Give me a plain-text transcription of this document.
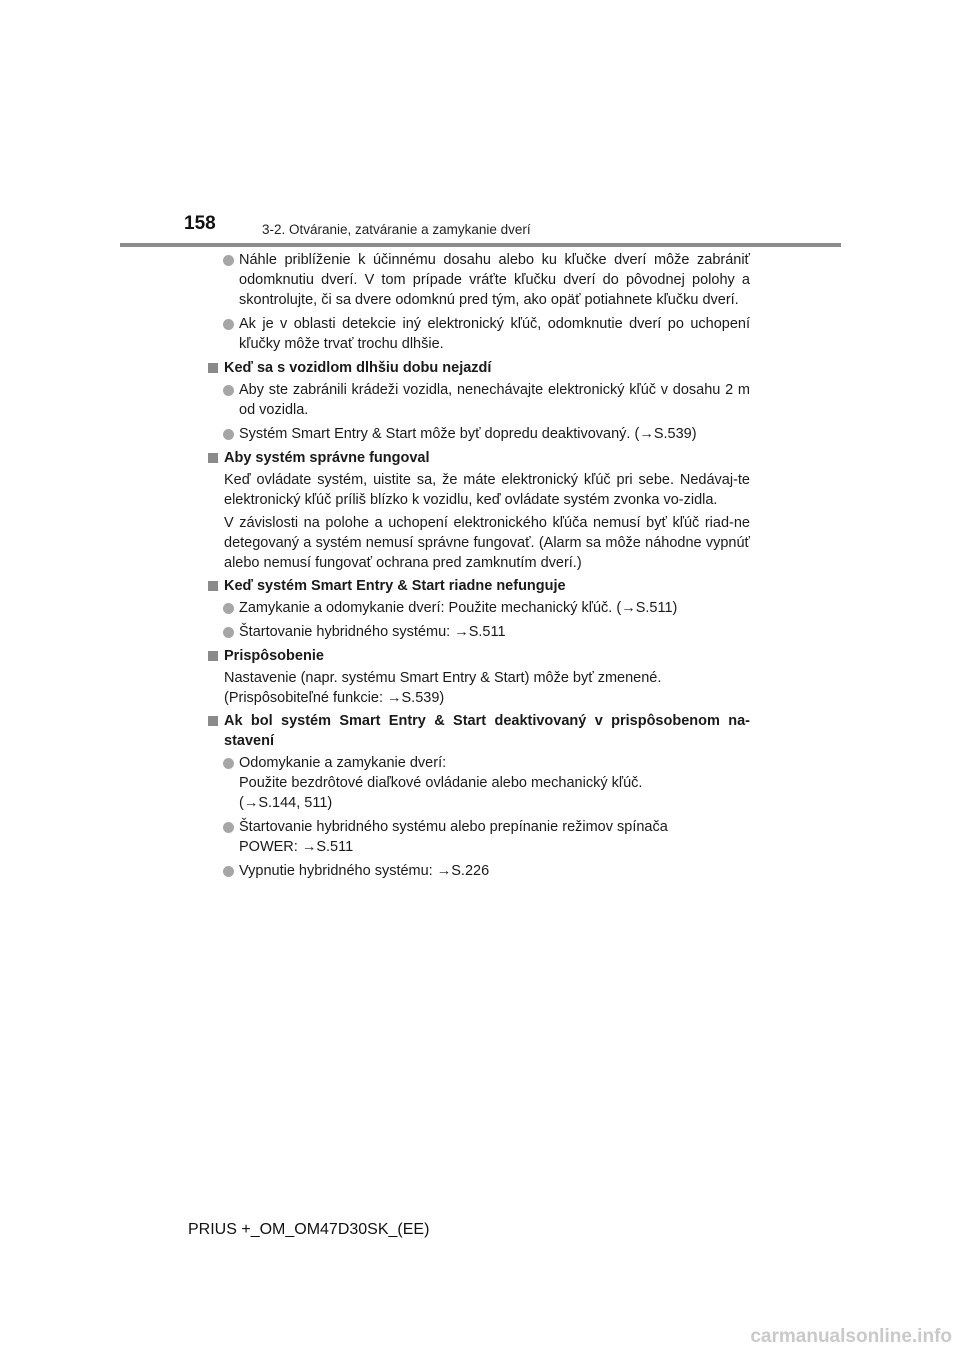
158	3-2. Otváranie, zatváranie a zamykanie dverí

Náhle priblíženie k účinnému dosahu alebo ku kľučke dverí môže zabrániť odomknutiu dverí. V tom prípade vráťte kľučku dverí do pôvodnej polohy a skontrolujte, či sa dvere odomknú pred tým, ako opäť potiahnete kľučku dverí.

Ak je v oblasti detekcie iný elektronický kľúč, odomknutie dverí po uchopení kľučky môže trvať trochu dlhšie.

Keď sa s vozidlom dlhšiu dobu nejazdí

Aby ste zabránili krádeži vozidla, nenechávajte elektronický kľúč v dosahu 2 m od vozidla.

Systém Smart Entry & Start môže byť dopredu deaktivovaný. (→S.539)

Aby systém správne fungoval

Keď ovládate systém, uistite sa, že máte elektronický kľúč pri sebe. Nedávaj-te elektronický kľúč príliš blízko k vozidlu, keď ovládate systém zvonka vo-zidla.

V závislosti na polohe a uchopení elektronického kľúča nemusí byť kľúč riad-ne detegovaný a systém nemusí správne fungovať. (Alarm sa môže náhodne vypnúť alebo nemusí fungovať ochrana pred zamknutím dverí.)

Keď systém Smart Entry & Start riadne nefunguje

Zamykanie a odomykanie dverí: Použite mechanický kľúč. (→S.511)

Štartovanie hybridného systému: →S.511

Prispôsobenie

Nastavenie (napr. systému Smart Entry & Start) môže byť zmenené.
(Prispôsobiteľné funkcie: →S.539)

Ak bol systém Smart Entry & Start deaktivovaný v prispôsobenom na-stavení

Odomykanie a zamykanie dverí:
Použite bezdrôtové diaľkové ovládanie alebo mechanický kľúč.
(→S.144, 511)

Štartovanie hybridného systému alebo prepínanie režimov spínača
POWER: →S.511

Vypnutie hybridného systému: →S.226

PRIUS +_OM_OM47D30SK_(EE)
carmanualsonline.info
